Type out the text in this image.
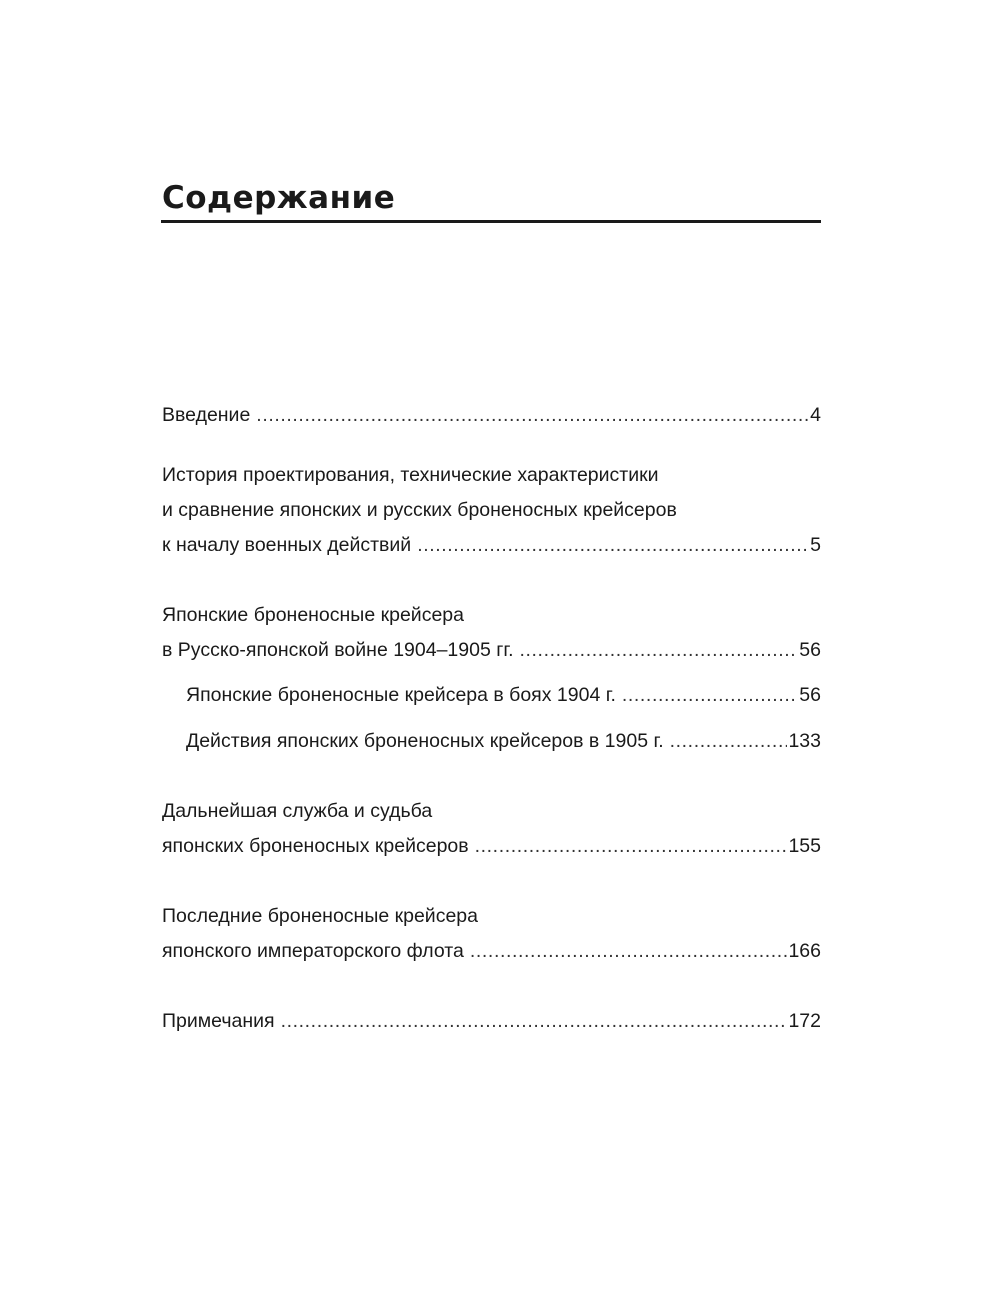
Содержание
Введение .....	4
История проектирования, технические характеристики
и сравнение японских и русских броненосных крейсеров
к началу военных действий .....	5
Японские броненосные крейсера
в Русско-японской войне 1904–1905 гг. .....	56
Японские броненосные крейсера в боях 1904 г. .....	56
Действия японских броненосных крейсеров в 1905 г. .....	133
Дальнейшая служба и судьба
японских броненосных крейсеров .....	155
Последние броненосные крейсера
японского императорского флота .....	166
Примечания .....	172
